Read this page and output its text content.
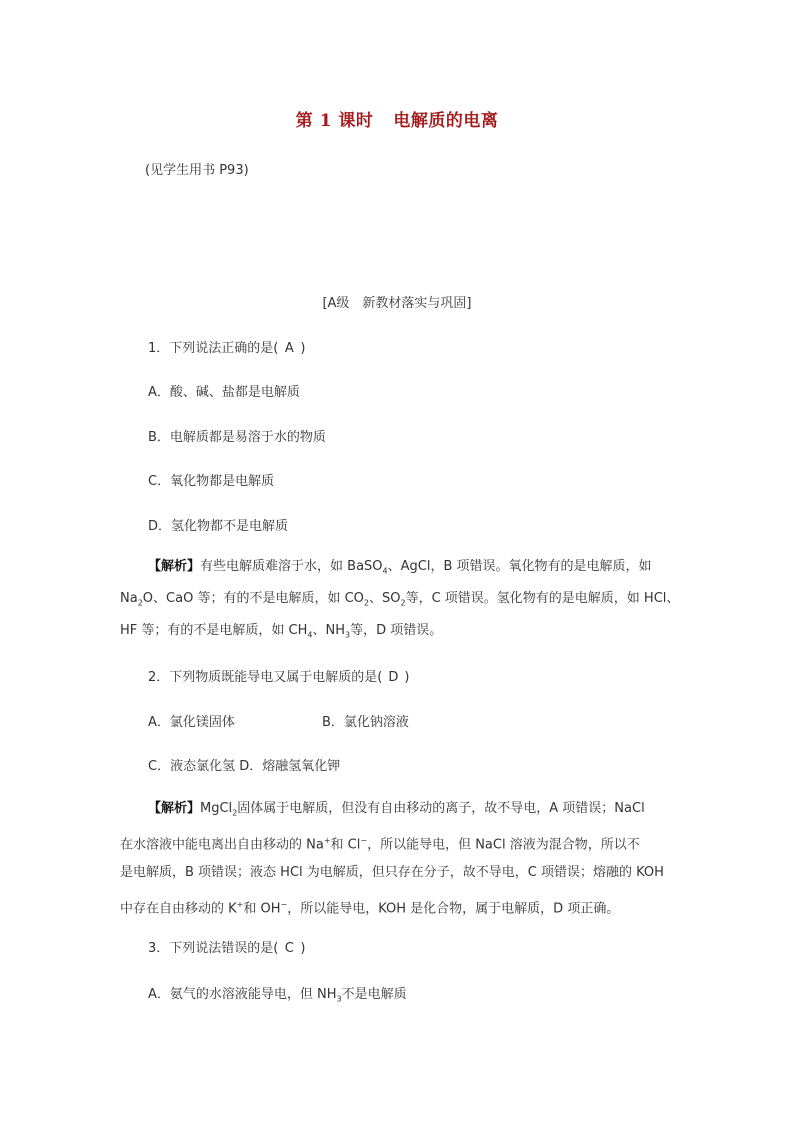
第 1 课时 电解质的电离
(见学生用书 P93)
[A级　新教材落实与巩固]
1．下列说法正确的是( A )
A．酸、碱、盐都是电解质
B．电解质都是易溶于水的物质
C．氧化物都是电解质
D．氢化物都不是电解质
【解析】有些电解质难溶于水，如 BaSO$_4$、AgCl，B 项错误。氧化物有的是电解质，如
$Na_2O$、CaO 等；有的不是电解质，如 $CO_2$、$SO_2$等，C 项错误。氢化物有的是电解质，如 HCl、
HF 等；有的不是电解质，如 $CH_4$、$NH_3$等，D 项错误。
2．下列物质既能导电又属于电解质的是( D )
A．氯化镁固体	B．氯化钠溶液
C．液态氯化氢 D．熔融氢氧化钾
【解析】MgCl$_2$固体属于电解质，但没有自由移动的离子，故不导电，A 项错误；NaCl
在水溶液中能电离出自由移动的 Na+和 Cl−，所以能导电，但 NaCl 溶液为混合物，所以不
是电解质，B 项错误；液态 HCl 为电解质，但只存在分子，故不导电，C 项错误；熔融的 KOH
中存在自由移动的 K+和 OH−，所以能导电，KOH 是化合物，属于电解质，D 项正确。
3．下列说法错误的是( C )
A．氨气的水溶液能导电，但 $NH_3$不是电解质
